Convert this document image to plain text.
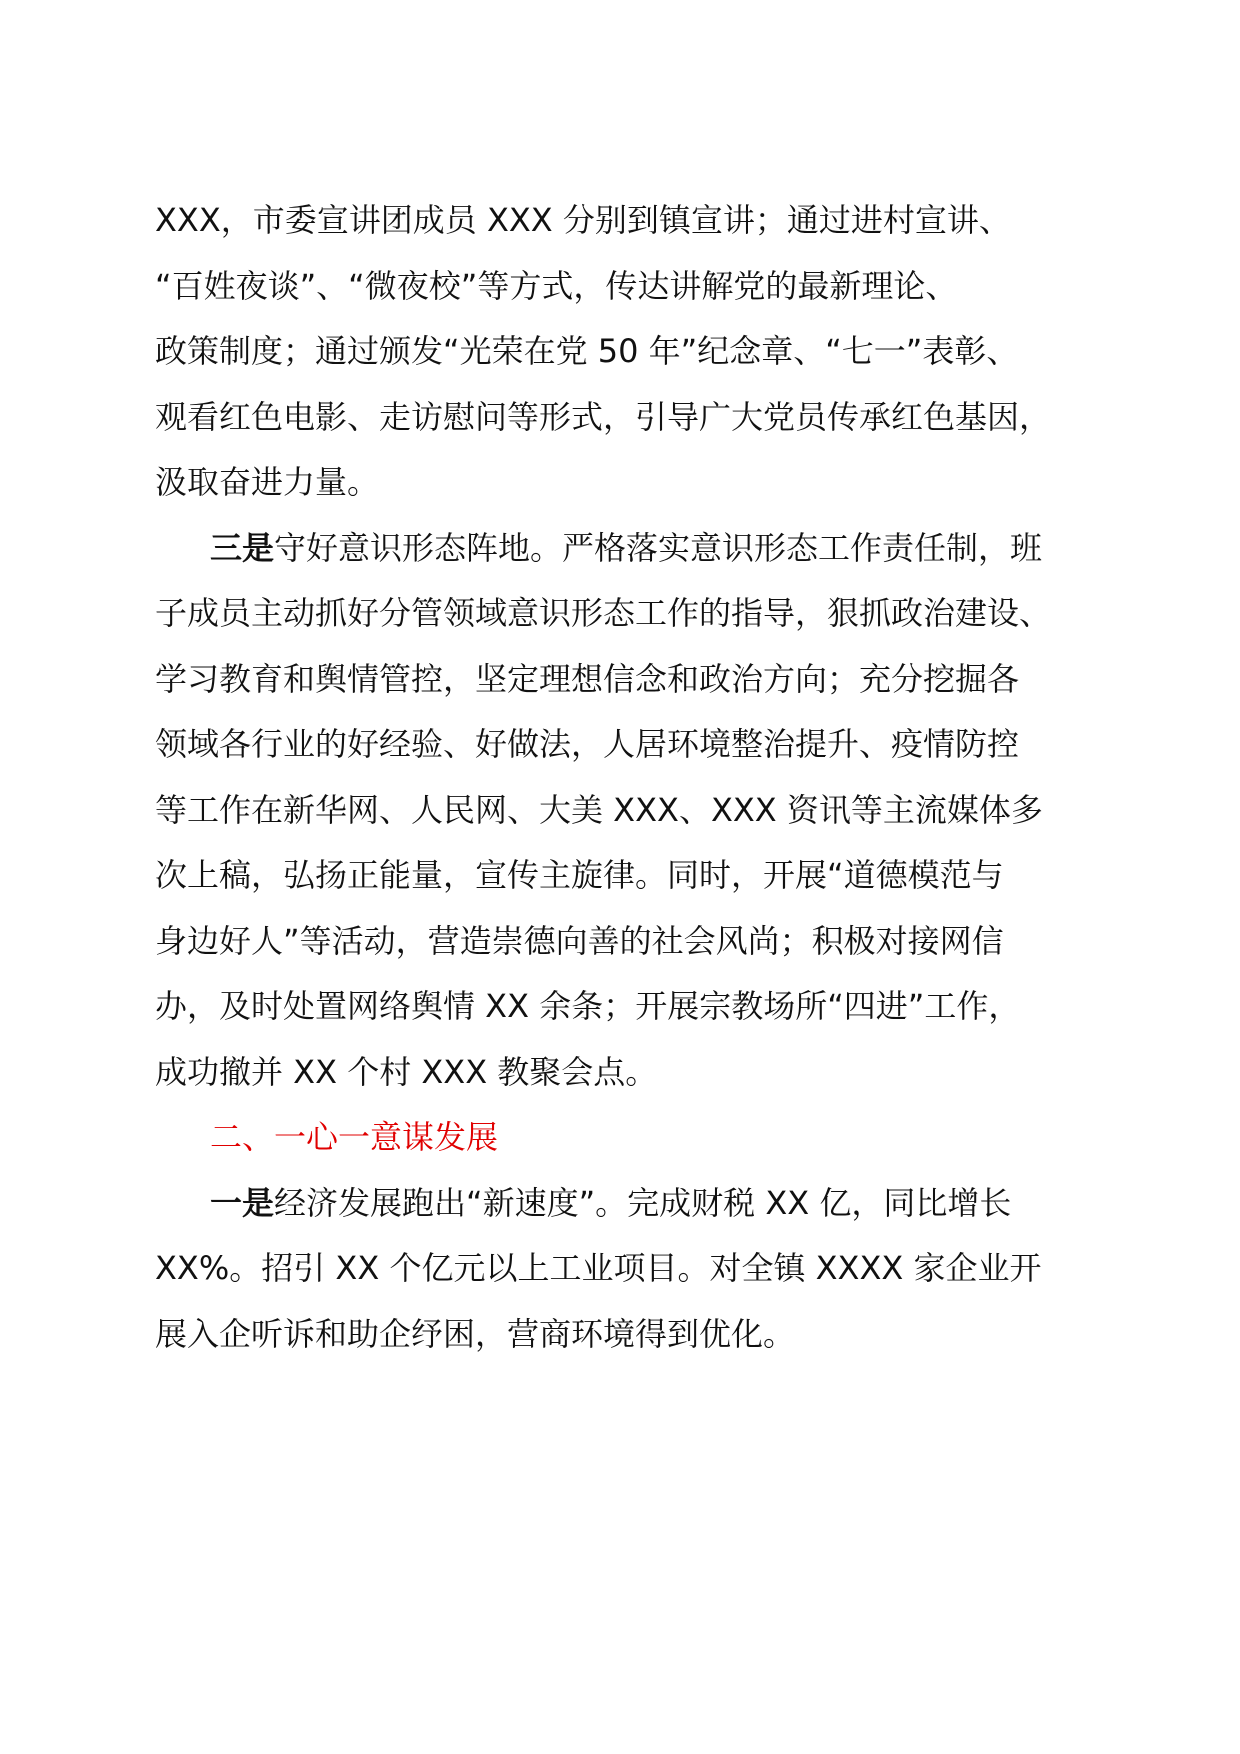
XXX，市委宣讲团成员 XXX 分别到镇宣讲；通过进村宣讲、
“百姓夜谈”、“微夜校”等方式，传达讲解党的最新理论、
政策制度；通过颁发“光荣在党 50 年”纪念章、“七一”表彰、
观看红色电影、走访慰问等形式，引导广大党员传承红色基因，
汲取奋进力量。
三是守好意识形态阵地。严格落实意识形态工作责任制，班
子成员主动抓好分管领域意识形态工作的指导，狠抓政治建设、
学习教育和舆情管控，坚定理想信念和政治方向；充分挖掘各
领域各行业的好经验、好做法，人居环境整治提升、疫情防控
等工作在新华网、人民网、大美 XXX、XXX 资讯等主流媒体多
次上稿，弘扬正能量，宣传主旋律。同时，开展“道德模范与
身边好人”等活动，营造崇德向善的社会风尚；积极对接网信
办，及时处置网络舆情 XX 余条；开展宗教场所“四进”工作，
成功撤并 XX 个村 XXX 教聚会点。
二、一心一意谋发展
一是经济发展跑出“新速度”。完成财税 XX 亿，同比增长
XX%。招引 XX 个亿元以上工业项目。对全镇 XXXX 家企业开
展入企听诉和助企纾困，营商环境得到优化。
